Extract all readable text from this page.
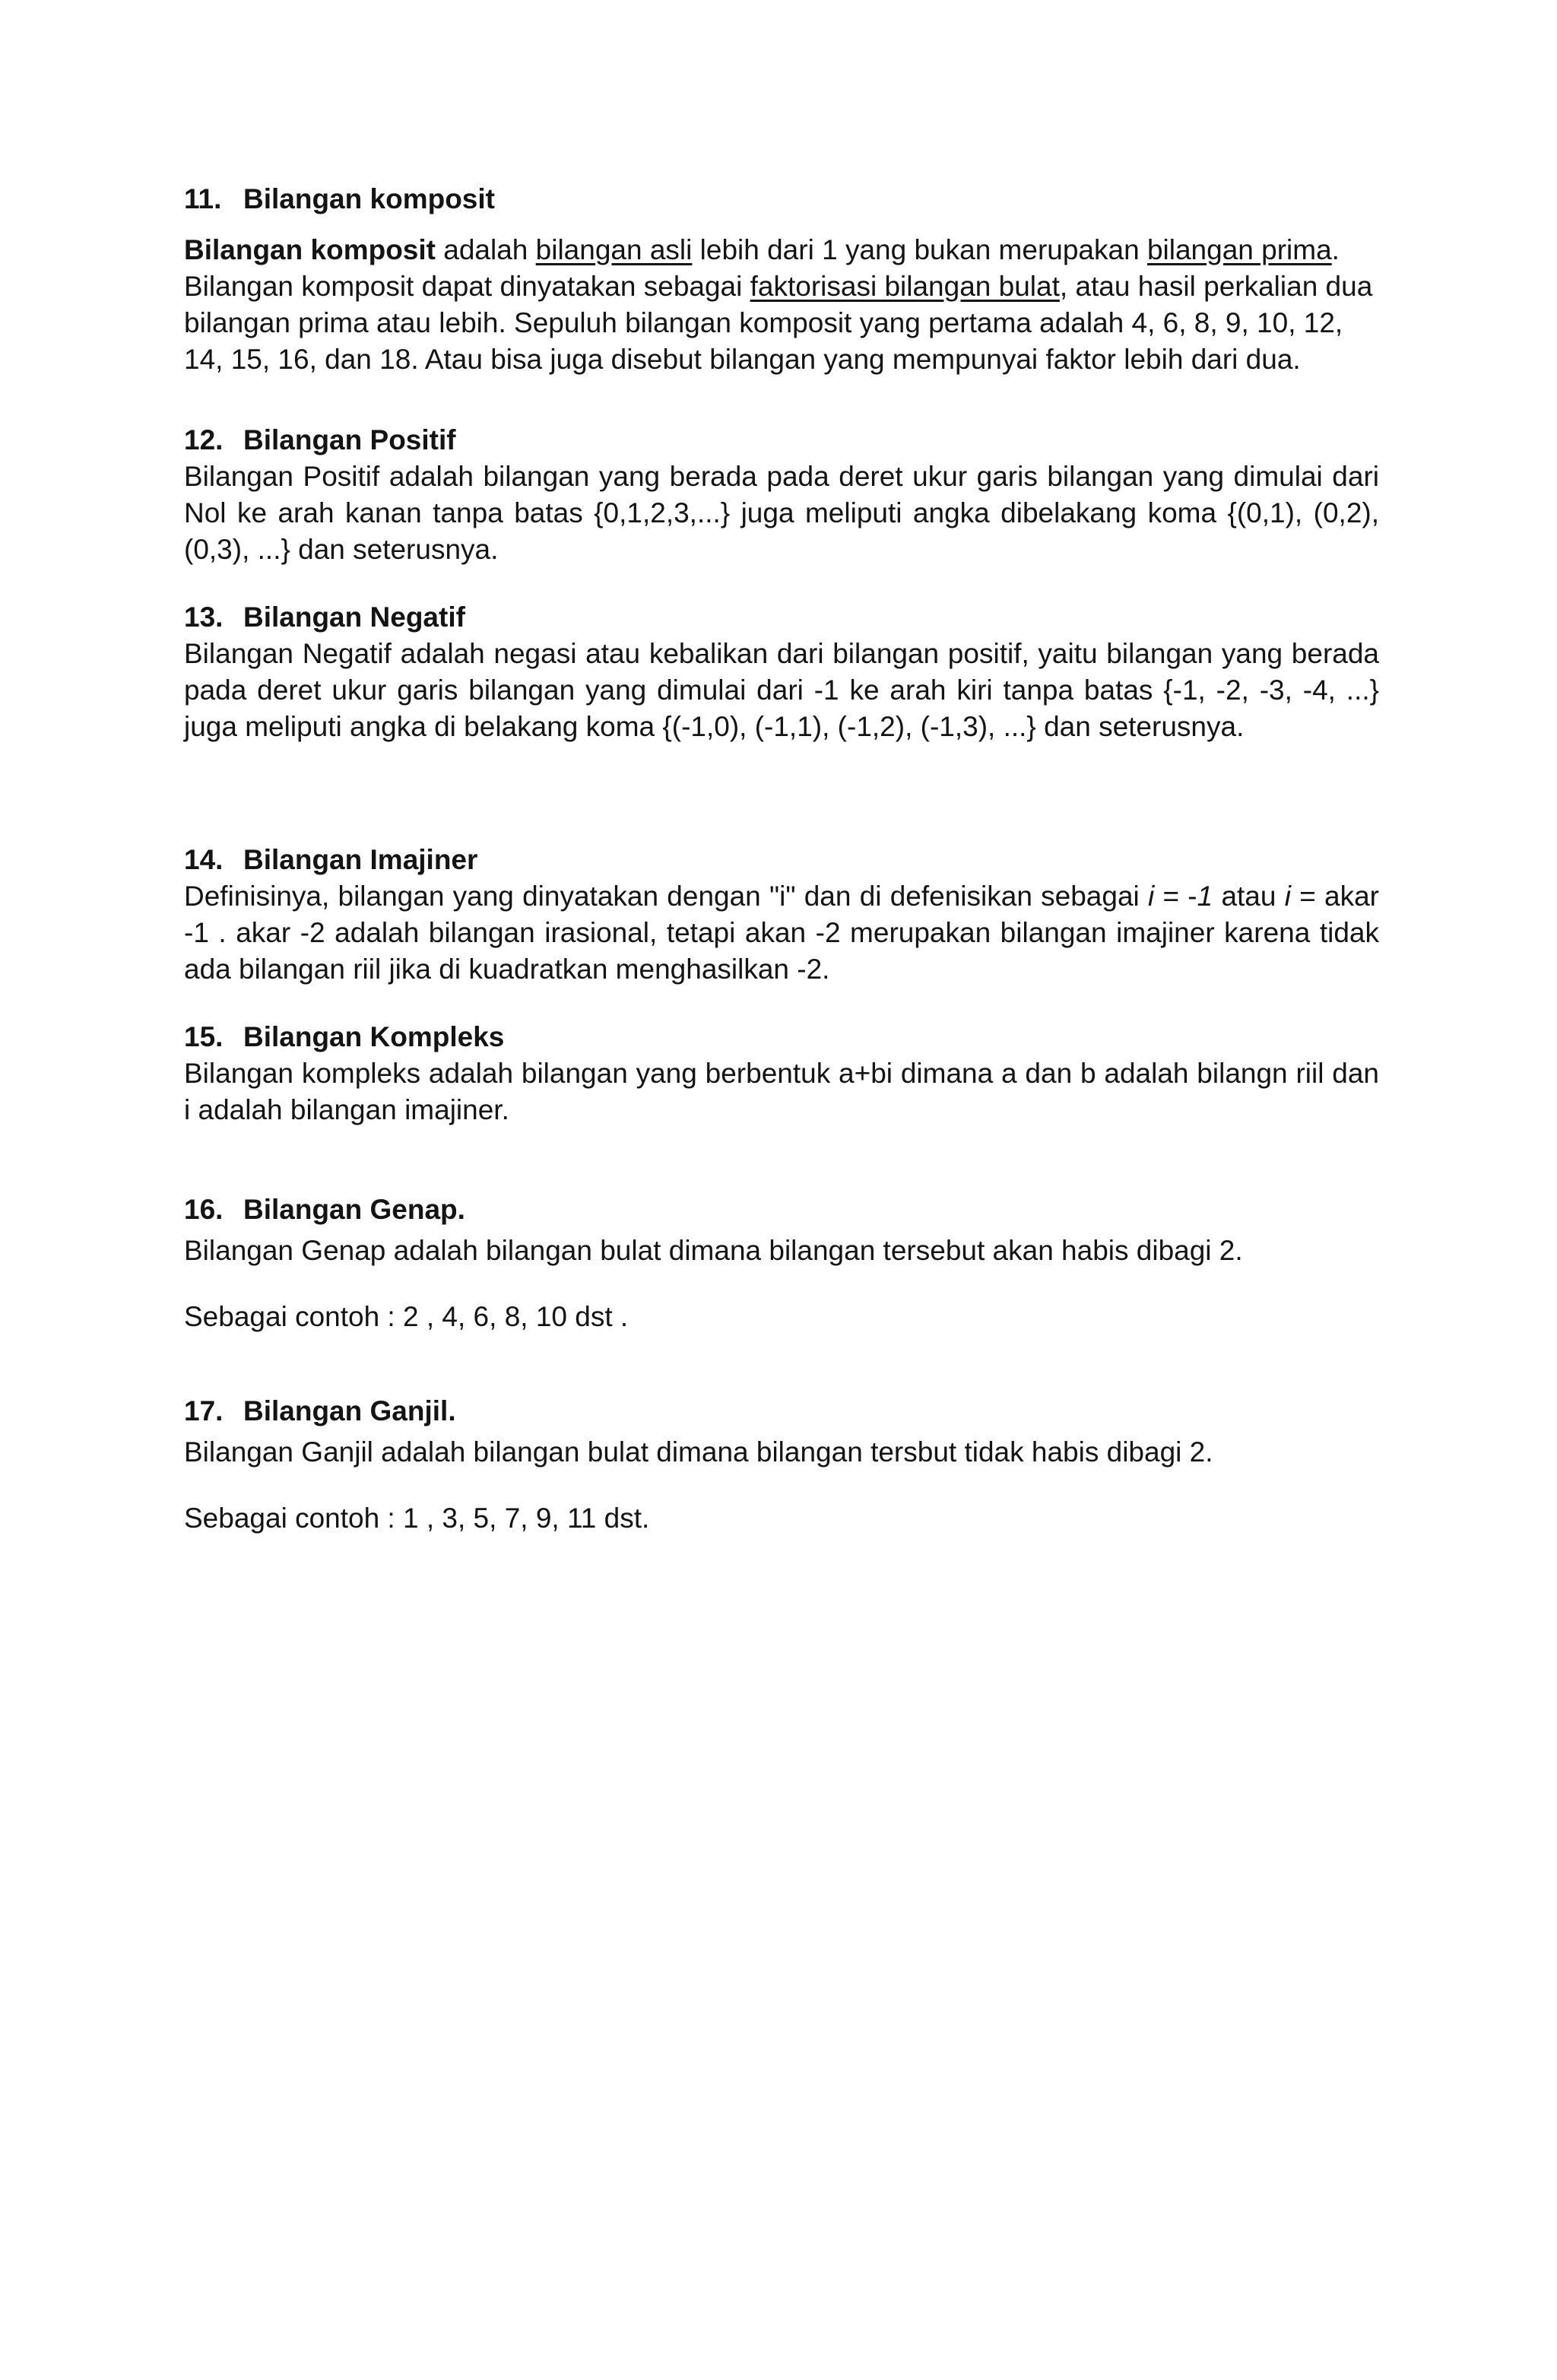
11. Bilangan komposit

Bilangan komposit adalah bilangan asli lebih dari 1 yang bukan merupakan bilangan prima. Bilangan komposit dapat dinyatakan sebagai faktorisasi bilangan bulat, atau hasil perkalian dua bilangan prima atau lebih. Sepuluh bilangan komposit yang pertama adalah 4, 6, 8, 9, 10, 12, 14, 15, 16, dan 18. Atau bisa juga disebut bilangan yang mempunyai faktor lebih dari dua.

12. Bilangan Positif

Bilangan Positif adalah bilangan yang berada pada deret ukur garis bilangan yang dimulai dari Nol ke arah kanan tanpa batas {0,1,2,3,...} juga meliputi angka dibelakang koma {(0,1), (0,2), (0,3), ...} dan seterusnya.

13. Bilangan Negatif

Bilangan Negatif adalah negasi atau kebalikan dari bilangan positif, yaitu bilangan yang berada pada deret ukur garis bilangan yang dimulai dari -1 ke arah kiri tanpa batas {-1, -2, -3, -4, ...} juga meliputi angka di belakang koma {(-1,0), (-1,1), (-1,2), (-1,3), ...} dan seterusnya.

14. Bilangan Imajiner

Definisinya, bilangan yang dinyatakan dengan "i" dan di defenisikan sebagai i = -1 atau i = akar -1 . akar -2 adalah bilangan irasional, tetapi akan -2 merupakan bilangan imajiner karena tidak ada bilangan riil jika di kuadratkan menghasilkan -2.

15. Bilangan Kompleks

Bilangan kompleks adalah bilangan yang berbentuk a+bi dimana a dan b adalah bilangn riil dan i adalah bilangan imajiner.

16. Bilangan Genap.

Bilangan Genap adalah bilangan bulat dimana bilangan tersebut akan habis dibagi 2.

Sebagai contoh : 2 , 4, 6, 8, 10 dst .

17. Bilangan Ganjil.

Bilangan Ganjil adalah bilangan bulat dimana bilangan tersbut tidak habis dibagi 2.

Sebagai contoh : 1 , 3, 5, 7, 9, 11 dst.
